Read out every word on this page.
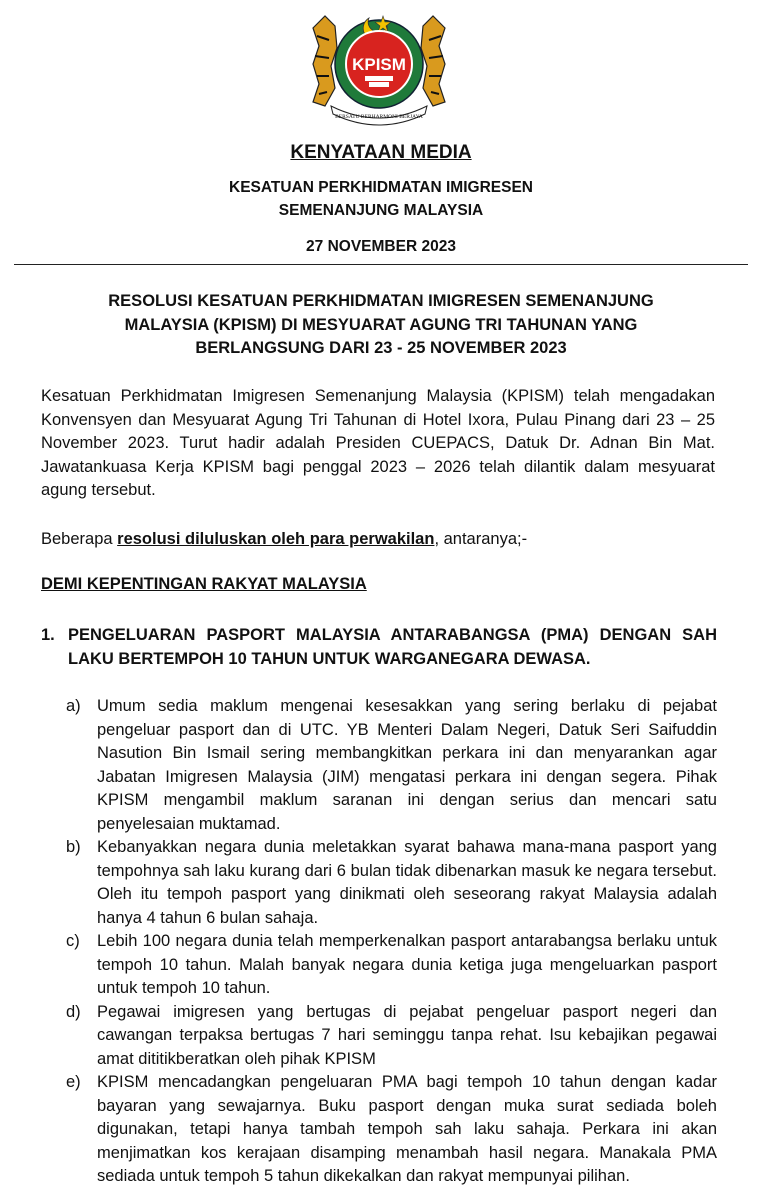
KPISM
BERSATU BERHARMONI BERJAYA
KENYATAAN MEDIA
KESATUAN PERKHIDMATAN IMIGRESEN
SEMENANJUNG MALAYSIA
27 NOVEMBER 2023
RESOLUSI KESATUAN PERKHIDMATAN IMIGRESEN SEMENANJUNG MALAYSIA (KPISM) DI MESYUARAT AGUNG TRI TAHUNAN YANG BERLANGSUNG DARI 23 - 25 NOVEMBER 2023
Kesatuan Perkhidmatan Imigresen Semenanjung Malaysia (KPISM) telah mengadakan Konvensyen dan Mesyuarat Agung Tri Tahunan di Hotel Ixora, Pulau Pinang dari 23 – 25 November 2023. Turut hadir adalah Presiden CUEPACS, Datuk Dr. Adnan Bin Mat. Jawatankuasa Kerja KPISM bagi penggal 2023 – 2026 telah dilantik dalam mesyuarat agung tersebut.
Beberapa resolusi diluluskan oleh para perwakilan, antaranya;-
DEMI KEPENTINGAN RAKYAT MALAYSIA
1. PENGELUARAN PASPORT MALAYSIA ANTARABANGSA (PMA) DENGAN SAH LAKU BERTEMPOH 10 TAHUN UNTUK WARGANEGARA DEWASA.
a) Umum sedia maklum mengenai kesesakkan yang sering berlaku di pejabat pengeluar pasport dan di UTC. YB Menteri Dalam Negeri, Datuk Seri Saifuddin Nasution Bin Ismail sering membangkitkan perkara ini dan menyarankan agar Jabatan Imigresen Malaysia (JIM) mengatasi perkara ini dengan segera. Pihak KPISM mengambil maklum saranan ini dengan serius dan mencari satu penyelesaian muktamad.
b) Kebanyakkan negara dunia meletakkan syarat bahawa mana-mana pasport yang tempohnya sah laku kurang dari 6 bulan tidak dibenarkan masuk ke negara tersebut. Oleh itu tempoh pasport yang dinikmati oleh seseorang rakyat Malaysia adalah hanya 4 tahun 6 bulan sahaja.
c) Lebih 100 negara dunia telah memperkenalkan pasport antarabangsa berlaku untuk tempoh 10 tahun. Malah banyak negara dunia ketiga juga mengeluarkan pasport untuk tempoh 10 tahun.
d) Pegawai imigresen yang bertugas di pejabat pengeluar pasport negeri dan cawangan terpaksa bertugas 7 hari seminggu tanpa rehat. Isu kebajikan pegawai amat dititikberatkan oleh pihak KPISM
e) KPISM mencadangkan pengeluaran PMA bagi tempoh 10 tahun dengan kadar bayaran yang sewajarnya. Buku pasport dengan muka surat sediada boleh digunakan, tetapi hanya tambah tempoh sah laku sahaja. Perkara ini akan menjimatkan kos kerajaan disamping menambah hasil negara. Manakala PMA sediada untuk tempoh 5 tahun dikekalkan dan rakyat mempunyai pilihan.
